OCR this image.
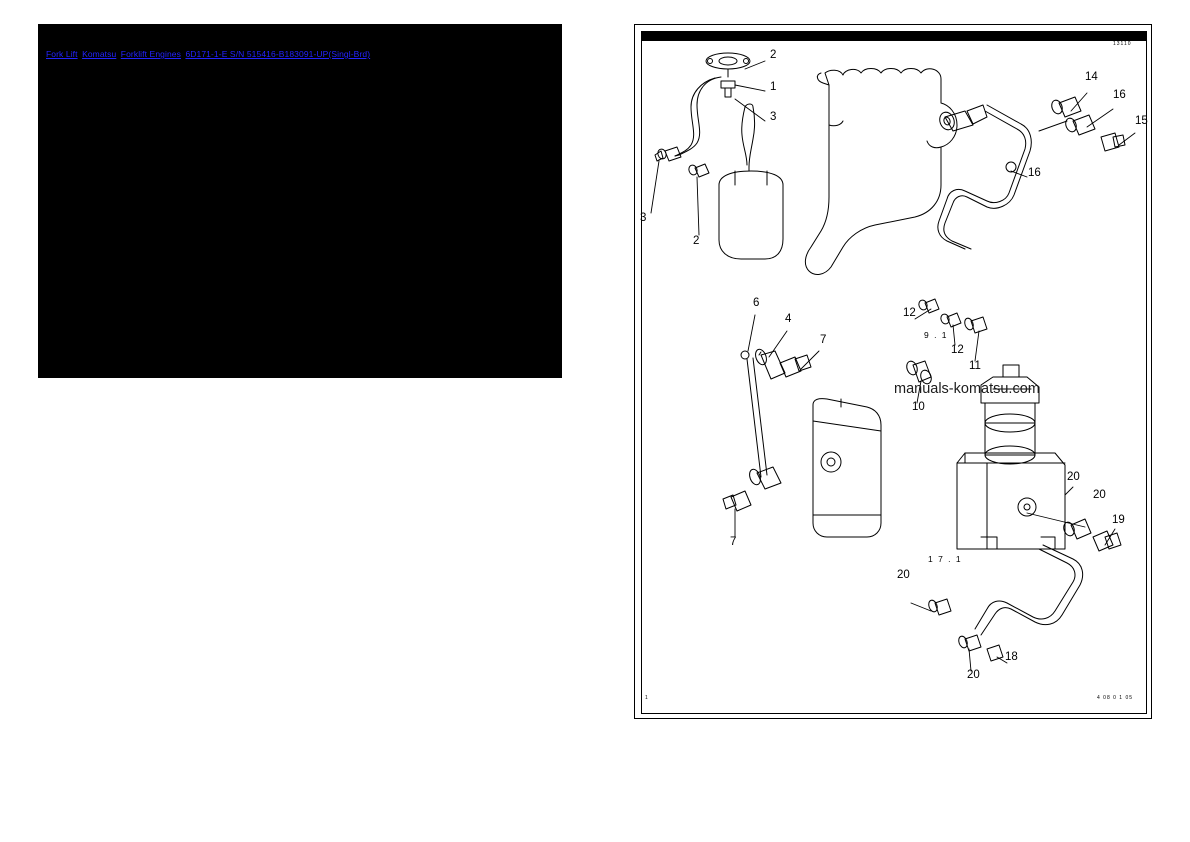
Fork Lift Komatsu Forklift Engines 6D171-1-E S/N 515416-B183091-UP(Singl-Brd)	2
1
3
3
2
14
16
15
16
6
4
7
7
12
12
11
10
20
20
19
20
20
18
9 . 1
1 7 . 1
13110
1	4 08 0 1 05
manuals-komatsu.com
